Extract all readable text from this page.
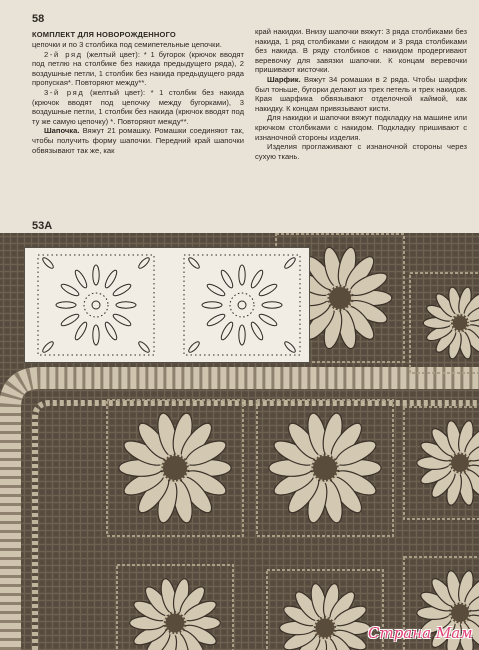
58
КОМПЛЕКТ ДЛЯ НОВОРОЖДЕННОГО

цепочки и по 3 столбика под семипетельные цепочки.

2-й ряд (желтый цвет): * 1 бугорок (крючок вводят под петлю на столбике без накида предыдущего ряда), 2 воздушные петли, 1 столбик без накида предыдущего ряда пропуская*. Повторяют между**.

3-й ряд (желтый цвет): * 1 столбик без накида (крючок вводят под цепочку между бугорками), 3 воздушные петли, 1 столбик без накида (крючок вводят под ту же самую цепочку) *. Повторяют между**.

Шапочка. Вяжут 21 ромашку. Ромашки соединяют так, чтобы получить форму шапочки. Передний край шапочки обвязывают так же, как

край накидки. Внизу шапочки вяжут: 3 ряда столбиками без накида, 1 ряд столбиками с накидом и 3 ряда столбиками без накида. В ряду столбиков с накидом продергивают веревочку для завязки шапочки. К концам веревочки пришивают кисточки.

Шарфик. Вяжут 34 ромашки в 2 ряда. Чтобы шарфик был тоньше, бугорки делают из трех петель и трех накидов. Края шарфика обвязывают отделочной каймой, как накидку. К концам привязывают кисти.

Для накидки и шапочки вяжут подкладку на машине или крючком столбиками с накидом. Подкладку пришивают с изнаночной стороны изделия.

Изделия проглаживают с изнаночной стороны через сухую ткань.

53А
Страна Мам
